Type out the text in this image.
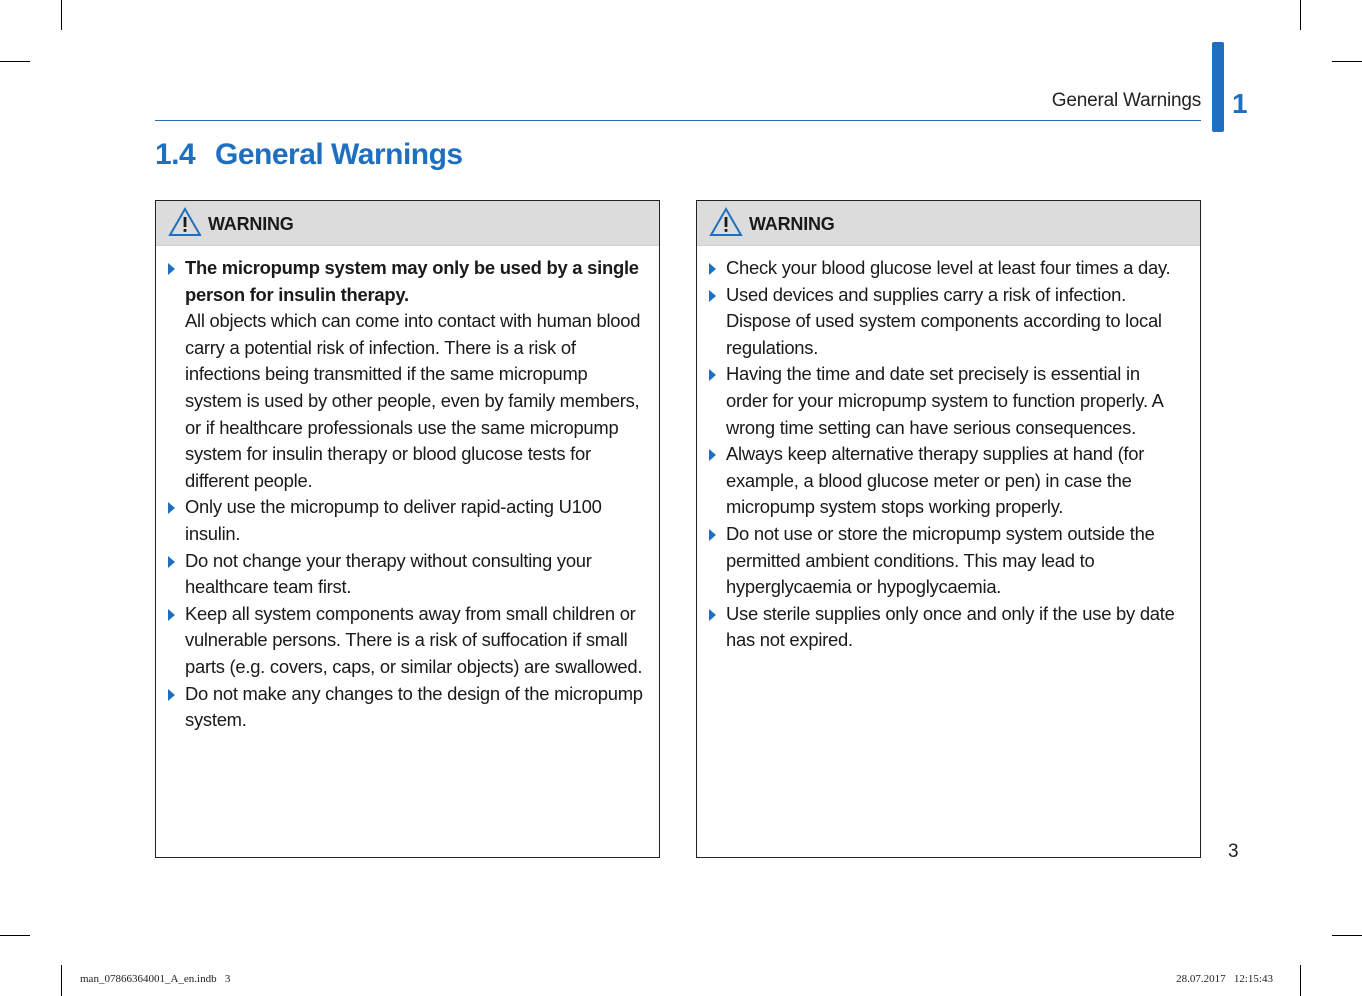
General Warnings 1
1.4 General Warnings
WARNING
The micropump system may only be used by a single person for insulin therapy.
All objects which can come into contact with human blood carry a potential risk of infection. There is a risk of infections being transmitted if the same micropump system is used by other people, even by family members, or if healthcare professionals use the same micropump system for insulin therapy or blood glucose tests for different people.
Only use the micropump to deliver rapid-acting U100 insulin.
Do not change your therapy without consulting your healthcare team first.
Keep all system components away from small children or vulnerable persons. There is a risk of suffocation if small parts (e.g. covers, caps, or similar objects) are swallowed.
Do not make any changes to the design of the micropump system.
WARNING
Check your blood glucose level at least four times a day.
Used devices and supplies carry a risk of infection. Dispose of used system components according to local regulations.
Having the time and date set precisely is essential in order for your micropump system to function properly. A wrong time setting can have serious consequences.
Always keep alternative therapy supplies at hand (for example, a blood glucose meter or pen) in case the micropump system stops working properly.
Do not use or store the micropump system outside the permitted ambient conditions. This may lead to hyperglycaemia or hypoglycaemia.
Use sterile supplies only once and only if the use by date has not expired.
3
man_07866364001_A_en.indb   3	28.07.2017   12:15:43
